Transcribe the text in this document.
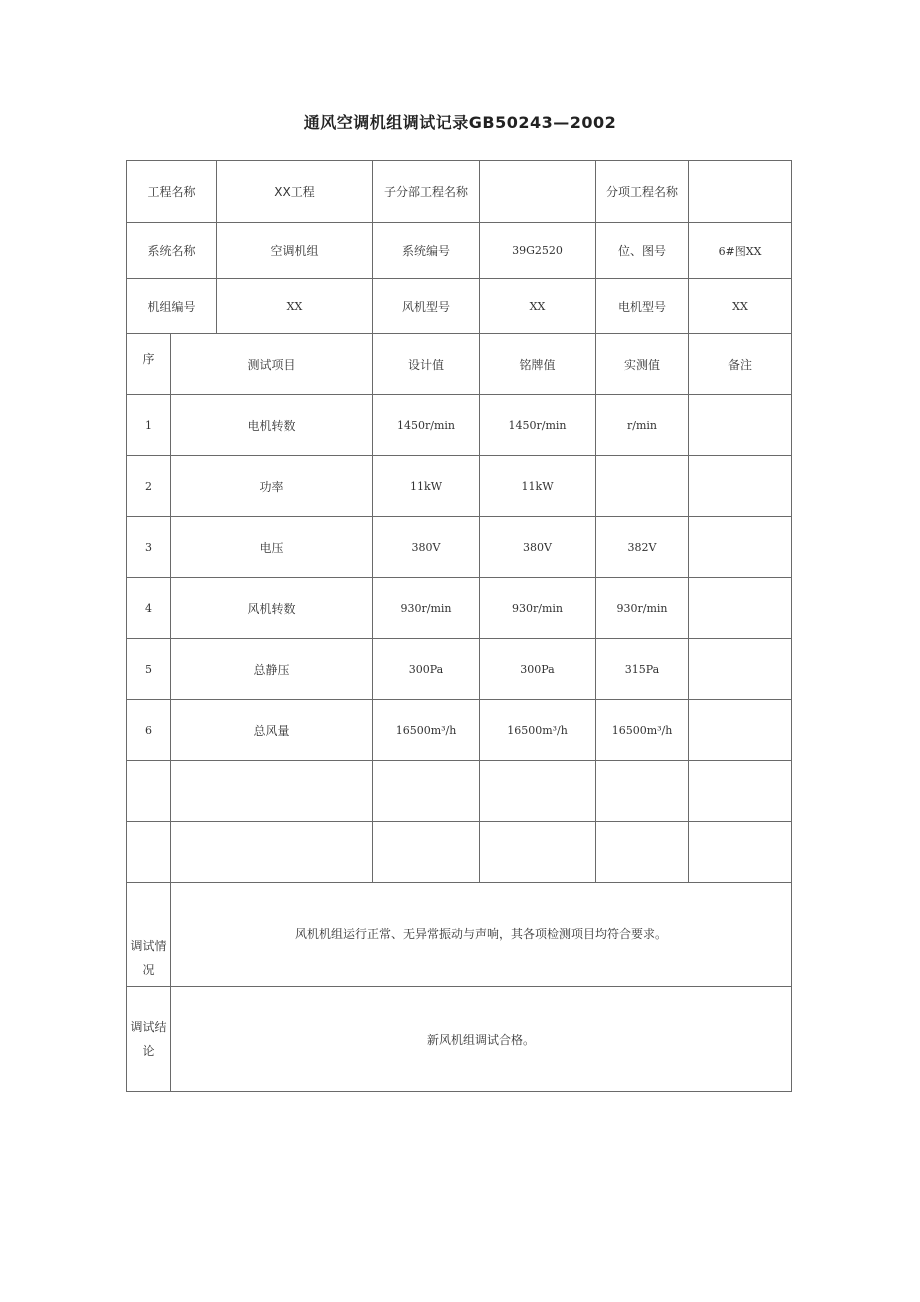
通风空调机组调试记录GB50243—2002
工程名称		XX工程	子分部工程名称		分项工程名称	
系统名称		空调机组	系统编号	39G2520	位、图号	6#图XX
机组编号		XX	风机型号	XX	电机型号	XX
序	测试项目		设计值	铭牌值	实测值	备注
1	电机转数		1450r/min	1450r/min	r/min	
2	功率		11kW	11kW		
3	电压		380V	380V	382V	
4	风机转数		930r/min	930r/min	930r/min	
5	总静压		300Pa	300Pa	315Pa	
6	总风量		16500m³/h	16500m³/h	16500m³/h	

调试情况	风机机组运行正常、无异常振动与声响，其各项检测项目均符合要求。					
调试结论	新风机组调试合格。					
